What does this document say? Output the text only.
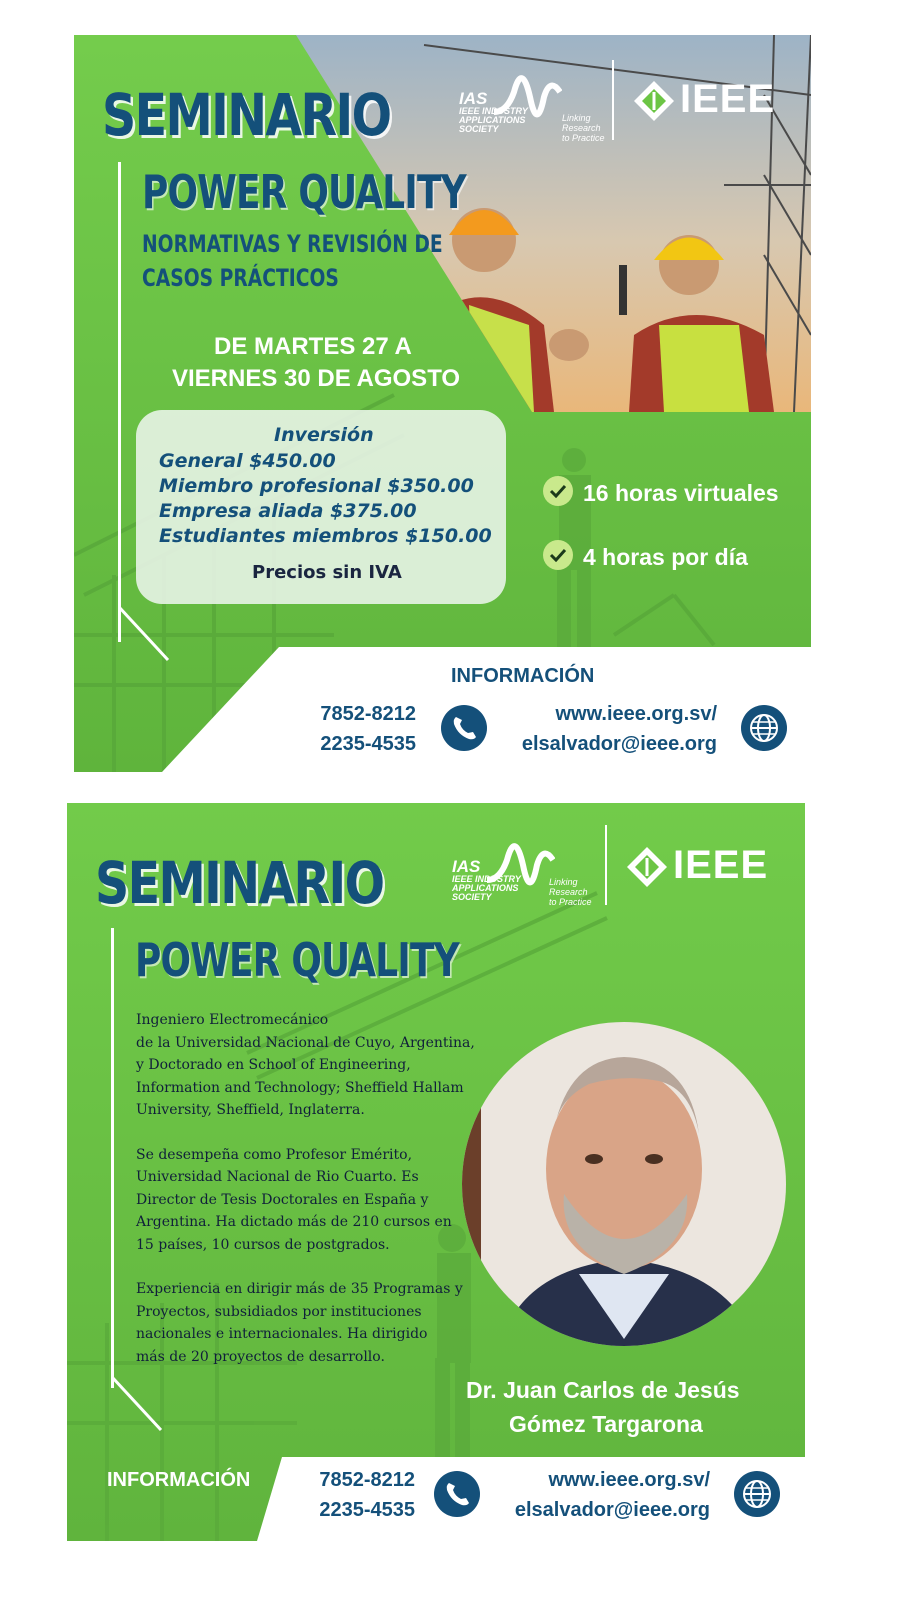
SEMINARIO	IAS
IEEE INDUSTRY
APPLICATIONS
SOCIETY
Linking
Research
to Practice
IEEE
POWER QUALITY
NORMATIVAS Y REVISIÓN DE
CASOS PRÁCTICOS
DE MARTES 27 A
VIERNES 30 DE AGOSTO
Inversión
General $450.00
Miembro profesional $350.00
Empresa aliada $375.00
Estudiantes miembros $150.00
Precios sin IVA
16 horas virtuales
4 horas por día
INFORMACIÓN
7852-8212
2235-4535
www.ieee.org.sv/
elsalvador@ieee.org
SEMINARIO	IAS
IEEE INDUSTRY
APPLICATIONS
SOCIETY
Linking
Research
to Practice
IEEE
POWER QUALITY
Ingeniero Electromecánico
de la Universidad Nacional de Cuyo, Argentina,
y Doctorado en School of Engineering,
Information and Technology; Sheffield Hallam
University, Sheffield, Inglaterra.
Se desempeña como Profesor Emérito,
Universidad Nacional de Rio Cuarto. Es
Director de Tesis Doctorales en España y
Argentina. Ha dictado más de 210 cursos en
15 países, 10 cursos de postgrados.
Experiencia en dirigir más de 35 Programas y
Proyectos, subsidiados por instituciones
nacionales e internacionales. Ha dirigido
más de 20 proyectos de desarrollo.
Dr. Juan Carlos de Jesús
Gómez Targarona
INFORMACIÓN	7852-8212
2235-4535
www.ieee.org.sv/
elsalvador@ieee.org
